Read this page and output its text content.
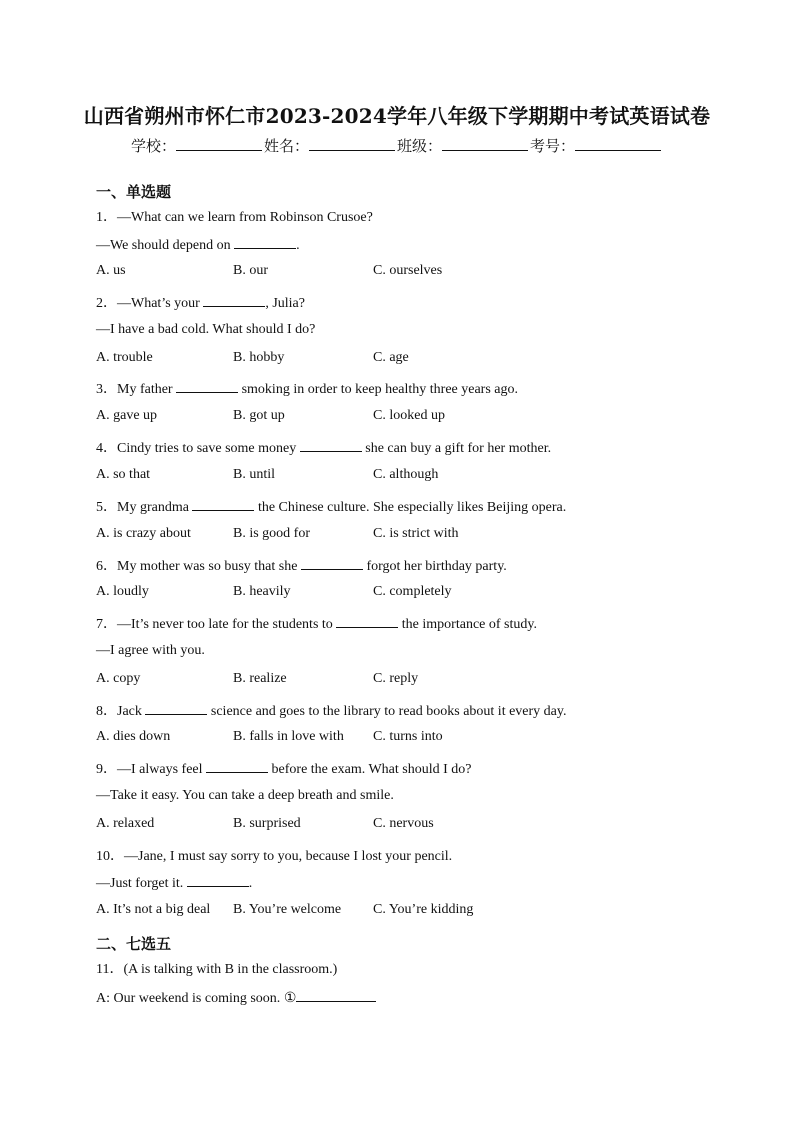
山西省朔州市怀仁市2023-2024学年八年级下学期期中考试英语试卷
学校：	姓名：	班级：	考号：
一、单选题
1．—What can we learn from Robinson Crusoe?
—We should depend on	.
A. us	B. our	C. ourselves
2．—What’s your	, Julia?
—I have a bad cold. What should I do?
A. trouble	B. hobby	C. age
3．My father	smoking in order to keep healthy three years ago.
A. gave up	B. got up	C. looked up
4．Cindy tries to save some money	she can buy a gift for her mother.
A. so that	B. until	C. although
5．My grandma	the Chinese culture. She especially likes Beijing opera.
A. is crazy about	B. is good for	C. is strict with
6．My mother was so busy that she	forgot her birthday party.
A. loudly	B. heavily	C. completely
7．—It’s never too late for the students to	the importance of study.
—I agree with you.
A. copy	B. realize	C. reply
8．Jack	science and goes to the library to read books about it every day.
A. dies down	B. falls in love with C. turns into
9．—I always feel	before the exam. What should I do?
—Take it easy. You can take a deep breath and smile.
A. relaxed	B. surprised	C. nervous
10．—Jane, I must say sorry to you, because I lost your pencil.
—Just forget it.	.
A. It’s not a big deal B. You’re welcome C. You’re kidding
二、七选五
11．(A is talking with B in the classroom.)
A: Our weekend is coming soon. ①
